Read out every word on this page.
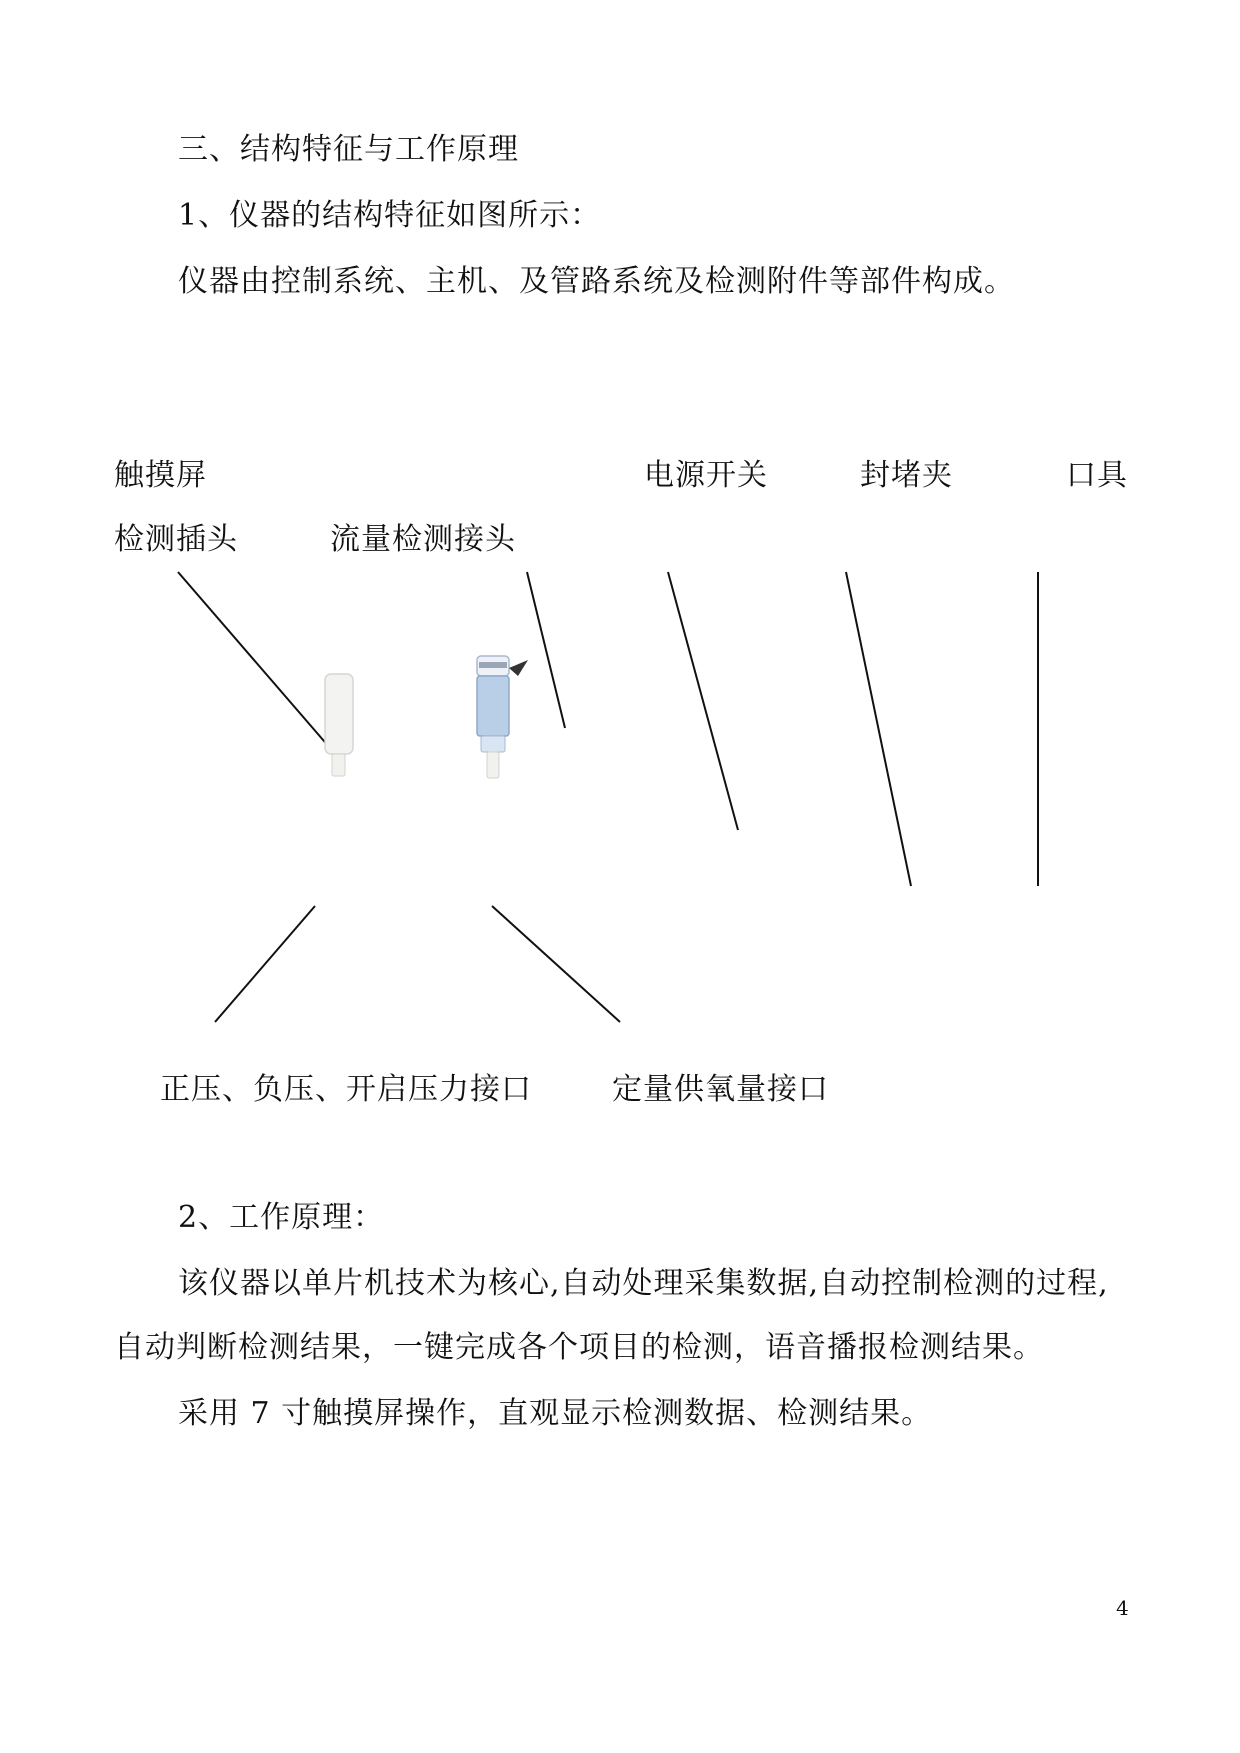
三、结构特征与工作原理
1、仪器的结构特征如图所示：
仪器由控制系统、主机、及管路系统及检测附件等部件构成。
触摸屏
检测插头	流量检测接头
电源开关	封堵夹	口具
正压、负压、开启压力接口	定量供氧量接口
2、工作原理：
该仪器以单片机技术为核心,自动处理采集数据,自动控制检测的过程,
自动判断检测结果，一键完成各个项目的检测，语音播报检测结果。
采用 7 寸触摸屏操作，直观显示检测数据、检测结果。
4
